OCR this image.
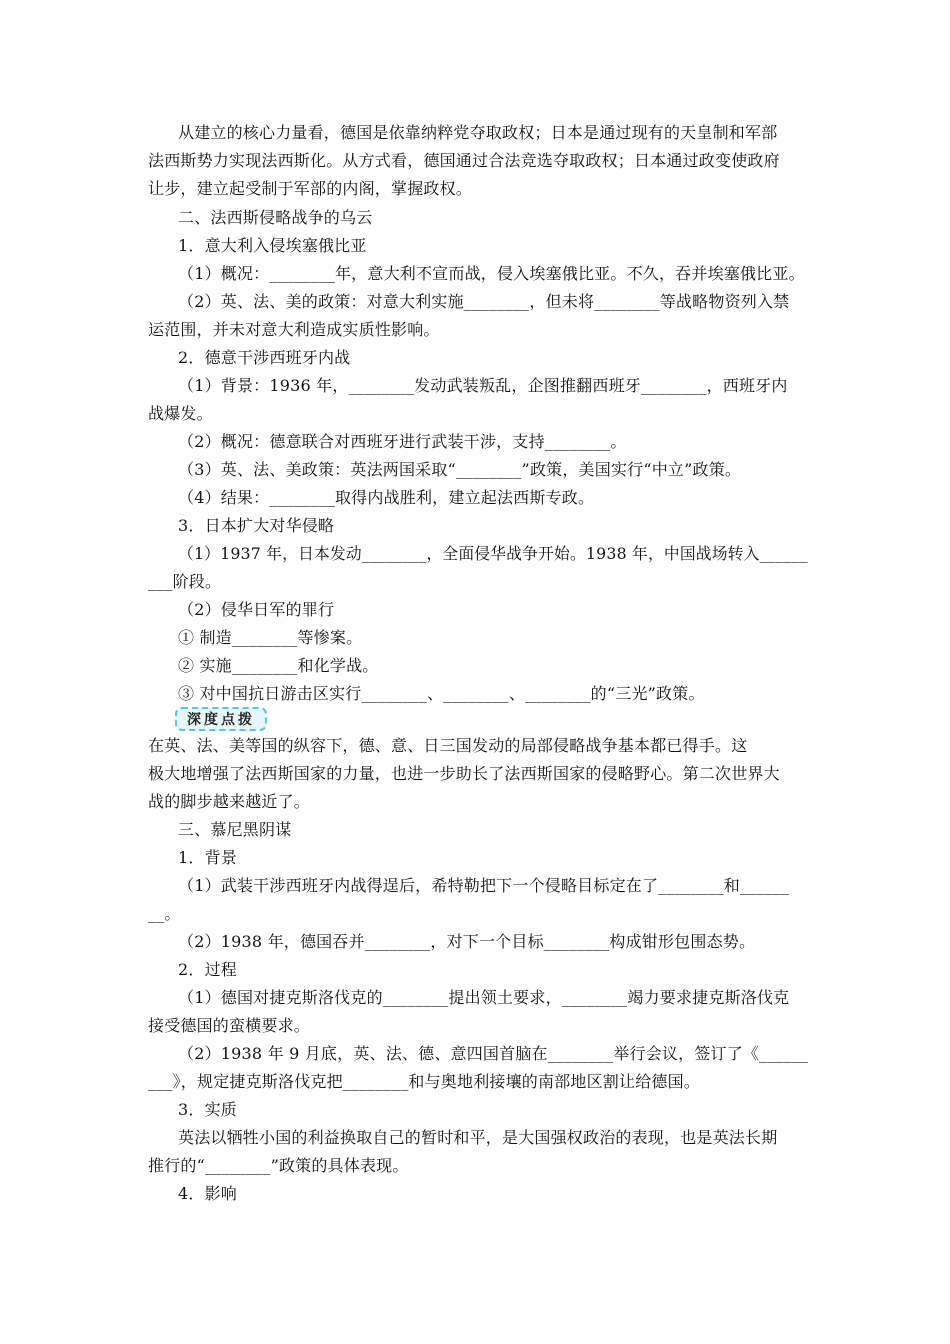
从建立的核心力量看，德国是依靠纳粹党夺取政权；日本是通过现有的天皇制和军部
法西斯势力实现法西斯化。从方式看，德国通过合法竞选夺取政权；日本通过政变使政府
让步，建立起受制于军部的内阁，掌握政权。
二、法西斯侵略战争的乌云
1．意大利入侵埃塞俄比亚
（1）概况：________年，意大利不宣而战，侵入埃塞俄比亚。不久，吞并埃塞俄比亚。
（2）英、法、美的政策：对意大利实施________，但未将________等战略物资列入禁
运范围，并未对意大利造成实质性影响。
2．德意干涉西班牙内战
（1）背景：1936 年，________发动武装叛乱，企图推翻西班牙________，西班牙内
战爆发。
（2）概况：德意联合对西班牙进行武装干涉，支持________。
（3）英、法、美政策：英法两国采取“________”政策，美国实行“中立”政策。
（4）结果：________取得内战胜利，建立起法西斯专政。
3．日本扩大对华侵略
（1）1937 年，日本发动________，全面侵华战争开始。1938 年，中国战场转入______
___阶段。
（2）侵华日军的罪行
① 制造________等惨案。
② 实施________和化学战。
③ 对中国抗日游击区实行________、________、________的“三光”政策。
深度点拨
在英、法、美等国的纵容下，德、意、日三国发动的局部侵略战争基本都已得手。这
极大地增强了法西斯国家的力量，也进一步助长了法西斯国家的侵略野心。第二次世界大
战的脚步越来越近了。
三、慕尼黑阴谋
1．背景
（1）武装干涉西班牙内战得逞后，希特勒把下一个侵略目标定在了________和______
__。
（2）1938 年，德国吞并________，对下一个目标________构成钳形包围态势。
2．过程
（1）德国对捷克斯洛伐克的________提出领土要求，________竭力要求捷克斯洛伐克
接受德国的蛮横要求。
（2）1938 年 9 月底，英、法、德、意四国首脑在________举行会议，签订了《______
___》，规定捷克斯洛伐克把________和与奥地利接壤的南部地区割让给德国。
3．实质
英法以牺牲小国的利益换取自己的暂时和平，是大国强权政治的表现，也是英法长期
推行的“________”政策的具体表现。
4．影响
